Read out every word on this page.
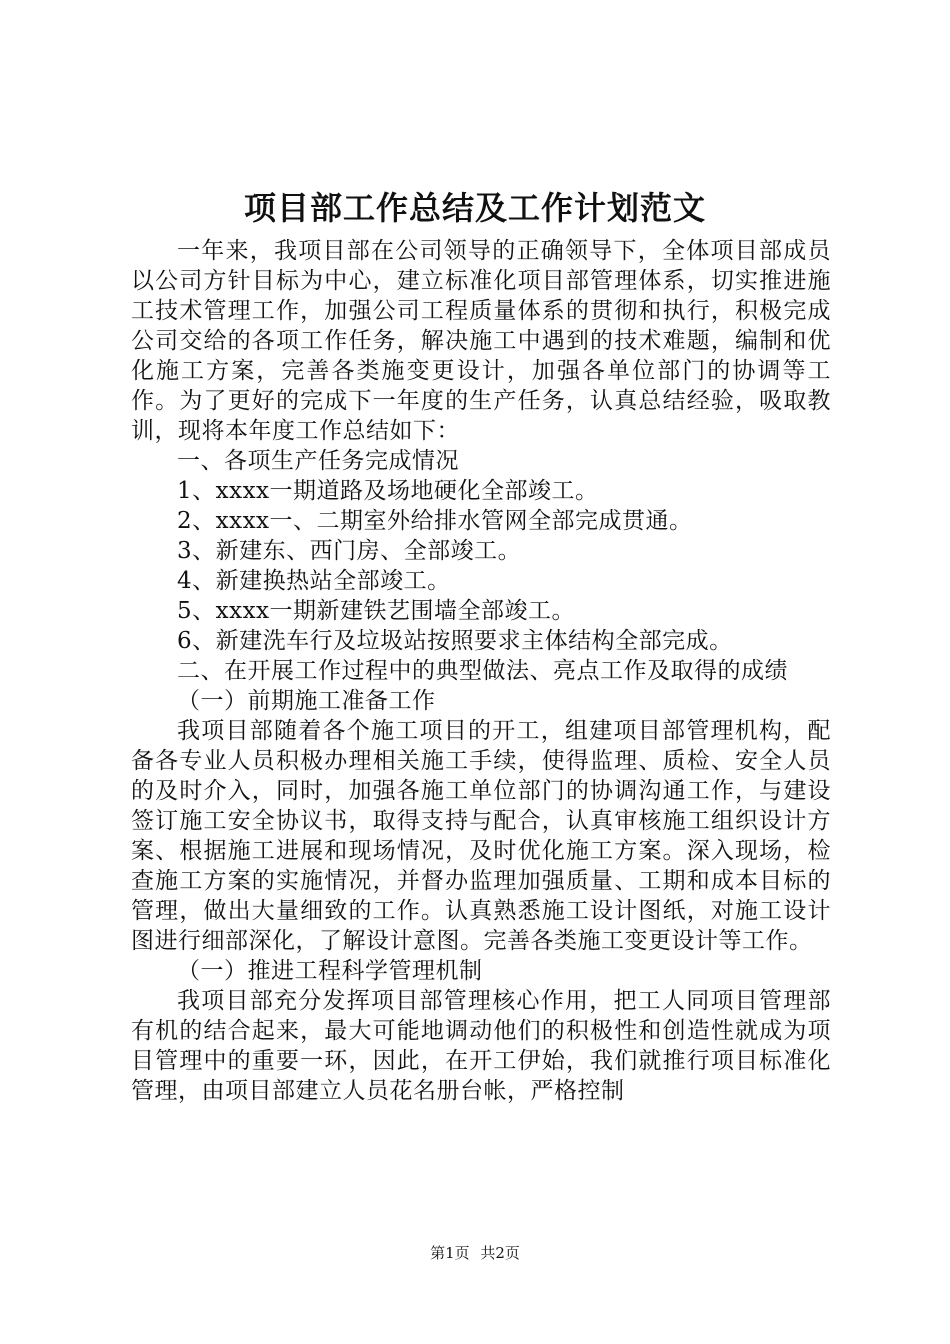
项目部工作总结及工作计划范文

一年来，我项目部在公司领导的正确领导下，全体项目部成员以公司方针目标为中心，建立标准化项目部管理体系，切实推进施工技术管理工作，加强公司工程质量体系的贯彻和执行，积极完成公司交给的各项工作任务，解决施工中遇到的技术难题，编制和优化施工方案，完善各类施变更设计，加强各单位部门的协调等工作。为了更好的完成下一年度的生产任务，认真总结经验，吸取教训，现将本年度工作总结如下：

一、各项生产任务完成情况

1、xxxx一期道路及场地硬化全部竣工。

2、xxxx一、二期室外给排水管网全部完成贯通。

3、新建东、西门房、全部竣工。

4、新建换热站全部竣工。

5、xxxx一期新建铁艺围墙全部竣工。

6、新建洗车行及垃圾站按照要求主体结构全部完成。

二、在开展工作过程中的典型做法、亮点工作及取得的成绩

（一）前期施工准备工作

我项目部随着各个施工项目的开工，组建项目部管理机构，配备各专业人员积极办理相关施工手续，使得监理、质检、安全人员的及时介入，同时，加强各施工单位部门的协调沟通工作，与建设签订施工安全协议书，取得支持与配合，认真审核施工组织设计方案、根据施工进展和现场情况，及时优化施工方案。深入现场，检查施工方案的实施情况，并督办监理加强质量、工期和成本目标的管理，做出大量细致的工作。认真熟悉施工设计图纸，对施工设计图进行细部深化，了解设计意图。完善各类施工变更设计等工作。

（一）推进工程科学管理机制

我项目部充分发挥项目部管理核心作用，把工人同项目管理部有机的结合起来，最大可能地调动他们的积极性和创造性就成为项目管理中的重要一环，因此，在开工伊始，我们就推行项目标准化管理，由项目部建立人员花名册台帐，严格控制

第1页 共2页
